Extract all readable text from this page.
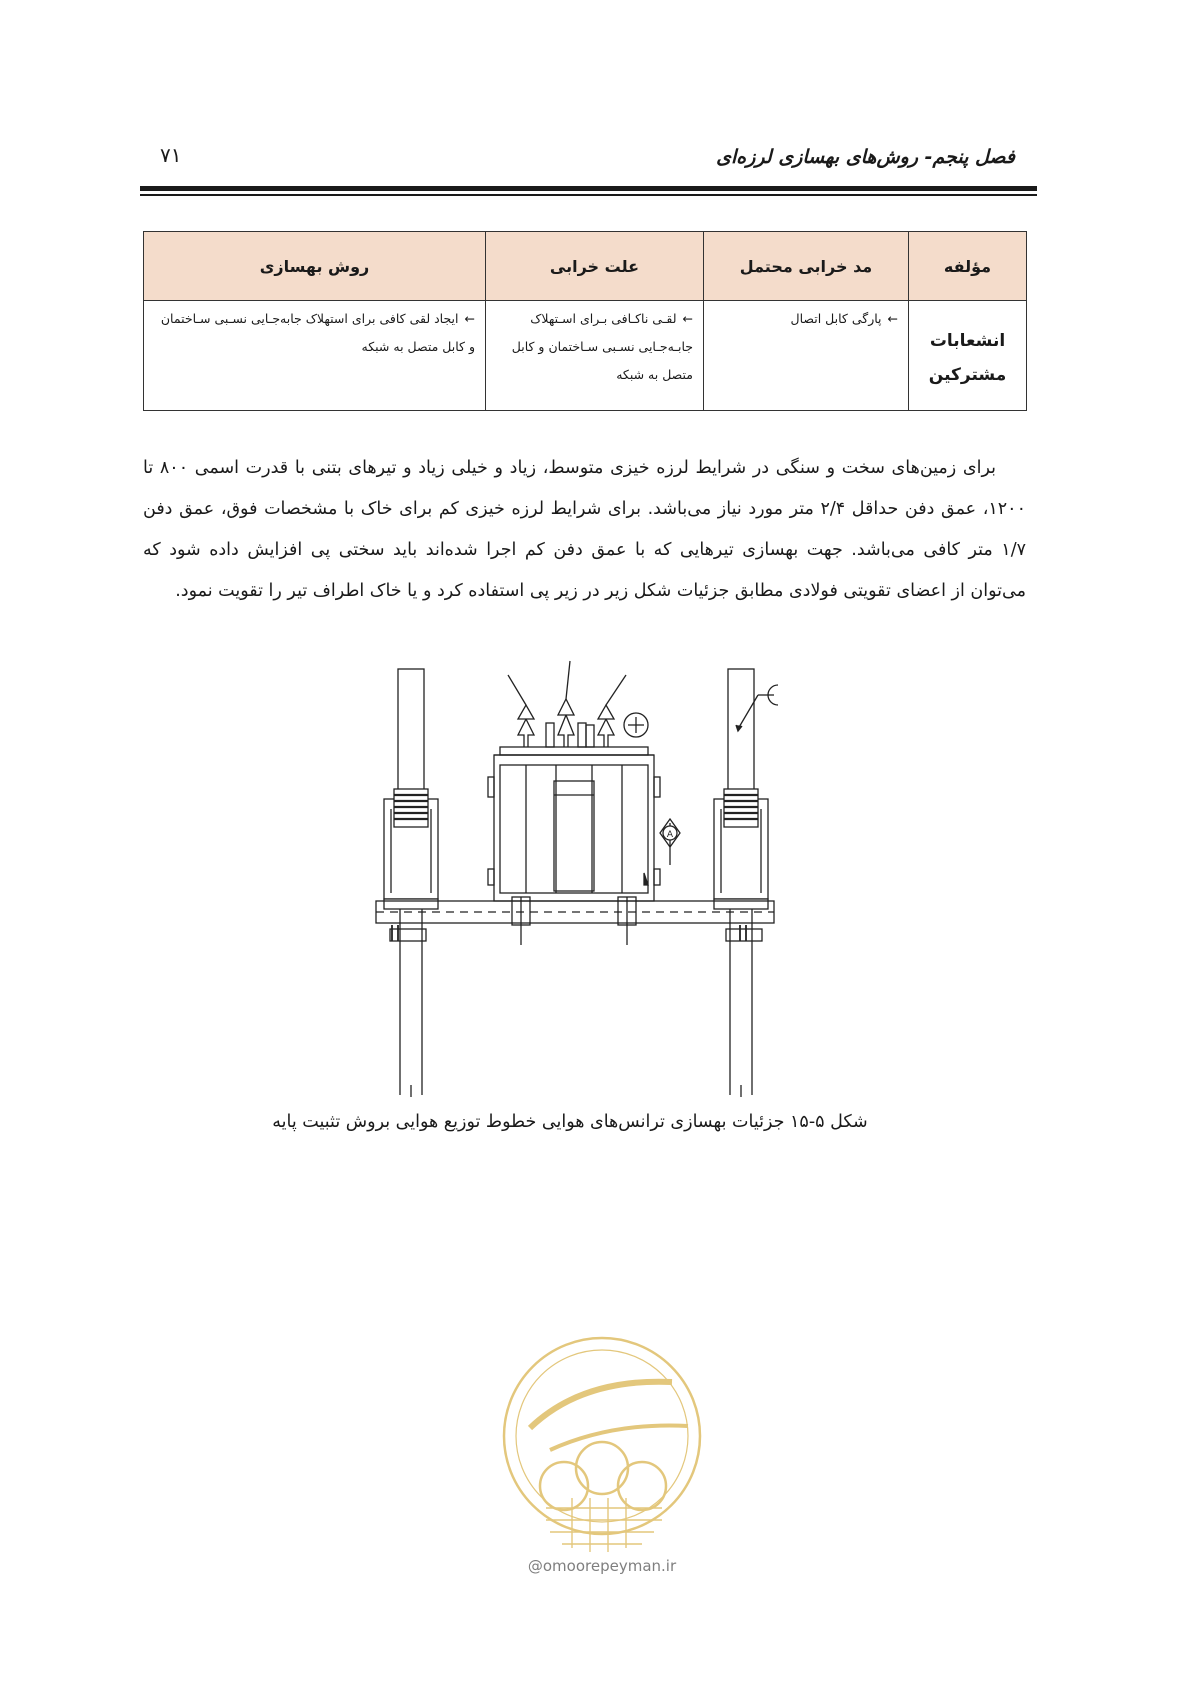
۷۱	فصل پنجم- روش‌های بهسازی لرزه‌ای
مؤلفه	مد خرابی محتمل	علت خرابی	روش بهسازی
انشعابات مشترکین	←پارگی کابل اتصال	←لقـی ناکـافی بـرای اسـتهلاک جابـه‌جـایی نسـبی سـاختمان و کابل متصل به شبکه	←ایجاد لقی کافی برای استهلاک جابه‌جـایی نسـبی سـاختمان و کابل متصل به شبکه

برای زمین‌های سخت و سنگی در شرایط لرزه خیزی متوسط، زیاد و خیلی زیاد و تیرهای بتنی با قدرت اسمی ۸۰۰ تا ۱۲۰۰، عمق دفن حداقل ۲/۴ متر مورد نیاز می‌باشد. برای شرایط لرزه خیزی کم برای خاک با مشخصات فوق، عمق دفن ۱/۷ متر کافی می‌باشد. جهت بهسازی تیرهایی که با عمق دفن کم اجرا شده‌اند باید سختی پی افزایش داده شود که می‌توان از اعضای تقویتی فولادی مطابق جزئیات شکل زیر در زیر پی استفاده کرد و یا خاک اطراف تیر را تقویت نمود.

A
شکل ۵-۱۵ جزئیات بهسازی ترانس‌های هوایی خطوط توزیع هوایی بروش تثبیت پایه
@omoorepeyman.ir
